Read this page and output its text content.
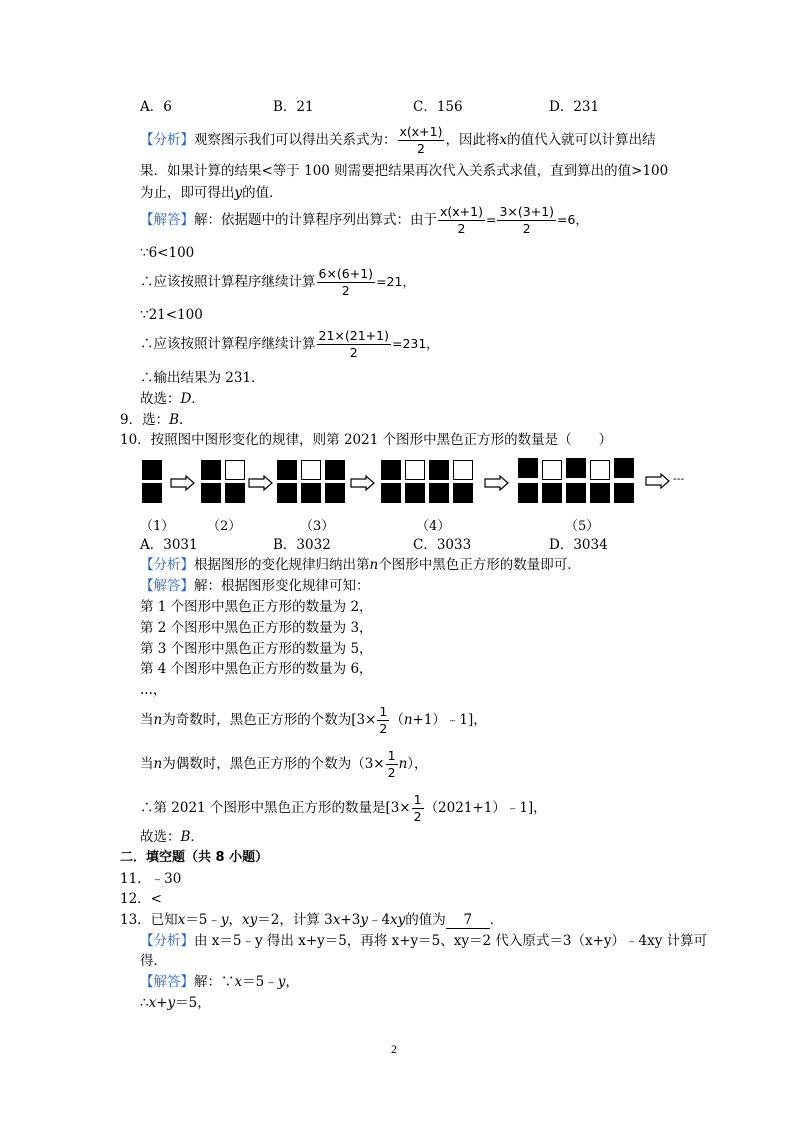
A．6	B．21	C．156	D．231
【分析】观察图示我们可以得出关系式为： $\frac{x(x+1)}{2}$ ，因此将x的值代入就可以计算出结
果．如果计算的结果<等于 100 则需要把结果再次代入关系式求值，直到算出的值>100
为止，即可得出y的值．
【解答】解：依据题中的计算程序列出算式：由于 $\frac{x(x+1)}{2} = \frac{3\times(3+1)}{2} =6$，
∵6<100
∴应该按照计算程序继续计算 $\frac{6\times(6+1)}{2} =21$，
∵21<100
∴应该按照计算程序继续计算 $\frac{21\times(21+1)}{2} =231$，
∴输出结果为 231．
故选：D．
9．选：B．
10．按照图中图形变化的规律，则第 2021 个图形中黑色正方形的数量是（　　）
---
（1）	（2）	（3）	（4）	（5）
A．3031	B．3032	C．3033	D．3034
【分析】根据图形的变化规律归纳出第n个图形中黑色正方形的数量即可．
【解答】解：根据图形变化规律可知：
第 1 个图形中黑色正方形的数量为 2，
第 2 个图形中黑色正方形的数量为 3，
第 3 个图形中黑色正方形的数量为 5，
第 4 个图形中黑色正方形的数量为 6，
...，
当n为奇数时，黑色正方形的个数为[$3\times \frac{1}{2}$ （n+1）﹣1]，
当n为偶数时，黑色正方形的个数为$(3\times \frac{1}{2} n)$，
∴第 2021 个图形中黑色正方形的数量是[$3\times \frac{1}{2}$ （2021+1）﹣1]，
故选：B．
二．填空题（共 8 小题）
11．﹣30
12．<
13．已知x＝5﹣y，xy＝2，计算 3x+3y﹣4xy的值为 7 ．
【分析】由 x＝5﹣y 得出 x+y＝5，再将 x+y＝5、xy＝2 代入原式＝3（x+y）﹣4xy 计算可
得．
【解答】解：∵x＝5﹣y，
∴x+y＝5，
2
